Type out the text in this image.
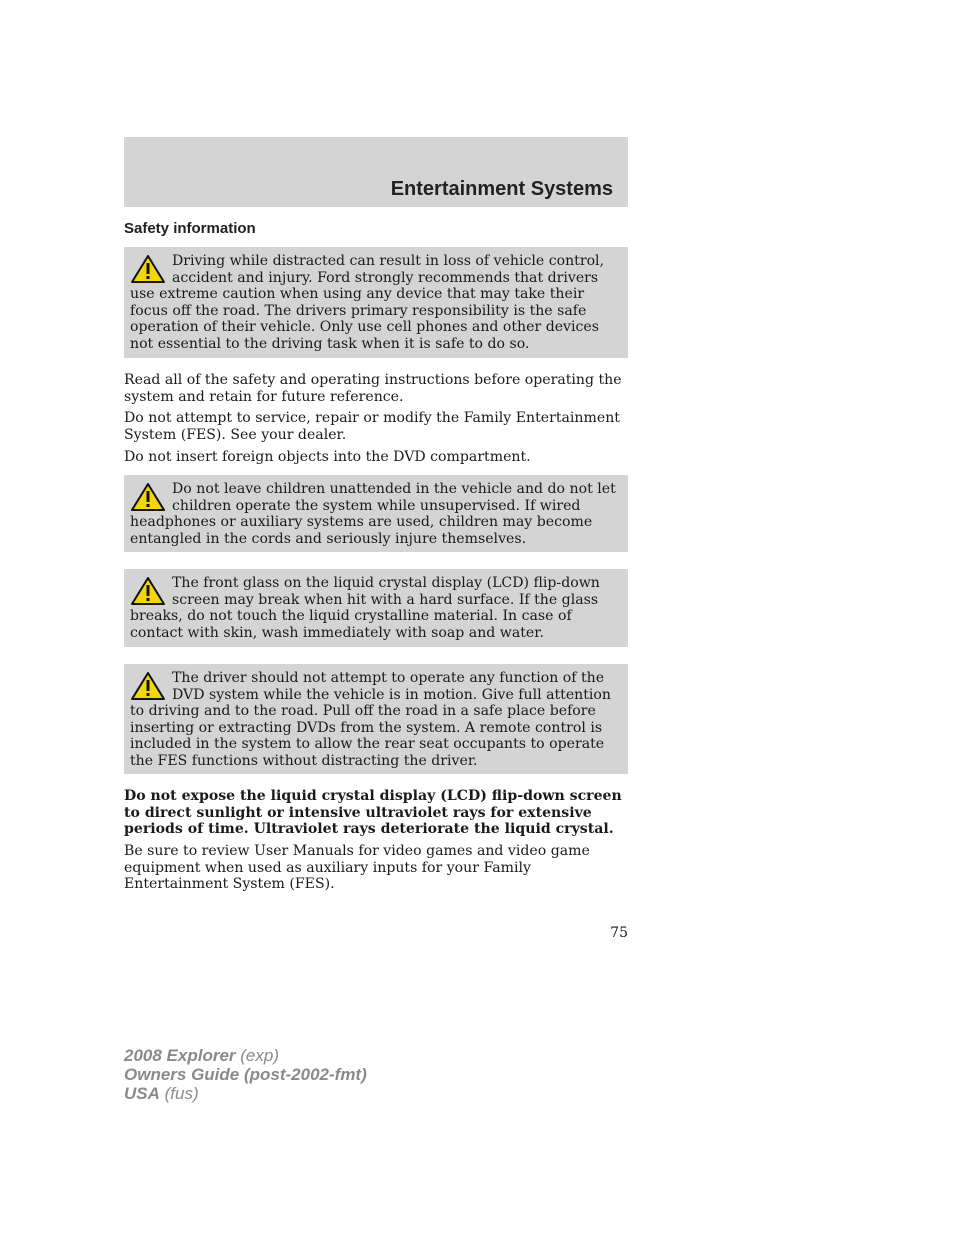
Entertainment Systems
Safety information
Driving while distracted can result in loss of vehicle control, accident and injury. Ford strongly recommends that drivers use extreme caution when using any device that may take their focus off the road. The drivers primary responsibility is the safe operation of their vehicle. Only use cell phones and other devices not essential to the driving task when it is safe to do so.

Read all of the safety and operating instructions before operating the system and retain for future reference.

Do not attempt to service, repair or modify the Family Entertainment System (FES). See your dealer.

Do not insert foreign objects into the DVD compartment.

Do not leave children unattended in the vehicle and do not let children operate the system while unsupervised. If wired headphones or auxiliary systems are used, children may become entangled in the cords and seriously injure themselves.
The front glass on the liquid crystal display (LCD) flip-down screen may break when hit with a hard surface. If the glass breaks, do not touch the liquid crystalline material. In case of contact with skin, wash immediately with soap and water.
The driver should not attempt to operate any function of the DVD system while the vehicle is in motion. Give full attention to driving and to the road. Pull off the road in a safe place before inserting or extracting DVDs from the system. A remote control is included in the system to allow the rear seat occupants to operate the FES functions without distracting the driver.

Do not expose the liquid crystal display (LCD) flip-down screen to direct sunlight or intensive ultraviolet rays for extensive periods of time. Ultraviolet rays deteriorate the liquid crystal.

Be sure to review User Manuals for video games and video game equipment when used as auxiliary inputs for your Family Entertainment System (FES).

75
2008 Explorer (exp)
Owners Guide (post-2002-fmt)
USA (fus)
